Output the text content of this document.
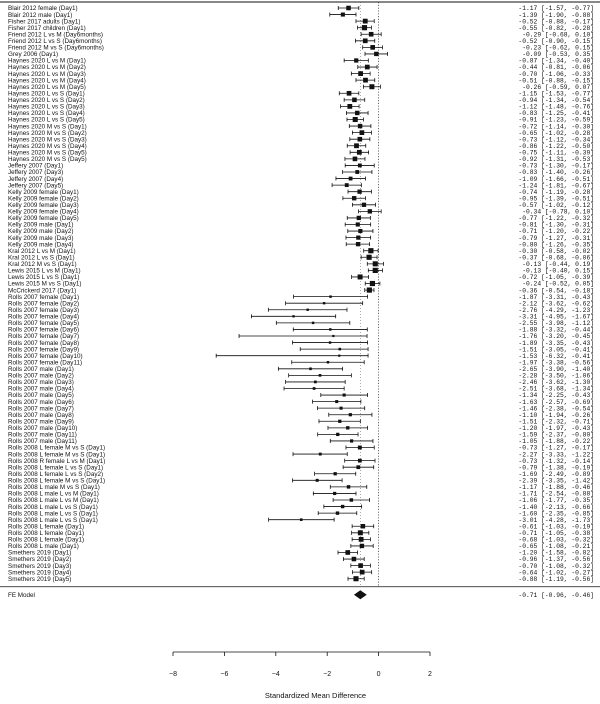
Blair 2012 female (Day1)	-1.17 [-1.57, -0.77]
Blair 2012 male (Day1)	-1.39 [-1.90, -0.88]
Fisher 2017 adults (Day1)	-0.52 [-0.88, -0.17]
Fisher 2017 children (Day1)	-0.55 [-0.82, -0.28]
Friend 2012 L vs M (Day6months)	-0.29 [-0.68, 0.10]
Friend 2012 L vs S (Day6months)	-0.52 [-0.90, -0.15]
Friend 2012 M vs S (Day6months)	-0.23 [-0.62, 0.15]
Grey 2006 (Day1)	-0.09 [-0.53, 0.35]
Haynes 2020 L vs M (Day1)	-0.87 [-1.34, -0.40]
Haynes 2020 L vs M (Day2)	-0.44 [-0.81, -0.06]
Haynes 2020 L vs M (Day3)	-0.70 [-1.06, -0.33]
Haynes 2020 L vs M (Day4)	-0.51 [-0.88, -0.15]
Haynes 2020 L vs M (Day5)	-0.26 [-0.59, 0.07]
Haynes 2020 L vs S (Day1)	-1.15 [-1.53, -0.77]
Haynes 2020 L vs S (Day2)	-0.94 [-1.34, -0.54]
Haynes 2020 L vs S (Day3)	-1.12 [-1.48, -0.76]
Haynes 2020 L vs S (Day4)	-0.83 [-1.25, -0.41]
Haynes 2020 L vs S (Day5)	-0.91 [-1.23, -0.59]
Haynes 2020 M vs S (Day1)	-0.72 [-1.14, -0.30]
Haynes 2020 M vs S (Day2)	-0.65 [-1.02, -0.28]
Haynes 2020 M vs S (Day3)	-0.73 [-1.12, -0.34]
Haynes 2020 M vs S (Day4)	-0.86 [-1.22, -0.50]
Haynes 2020 M vs S (Day5)	-0.75 [-1.11, -0.39]
Haynes 2020 M vs S (Day5)	-0.92 [-1.31, -0.53]
Jeffery 2007 (Day1)	-0.73 [-1.30, -0.17]
Jeffery 2007 (Day3)	-0.83 [-1.40, -0.26]
Jeffery 2007 (Day4)	-1.09 [-1.66, -0.51]
Jeffery 2007 (Day5)	-1.24 [-1.81, -0.67]
Kelly 2009 female (Day1)	-0.74 [-1.19, -0.28]
Kelly 2009 female (Day2)	-0.95 [-1.39, -0.51]
Kelly 2009 female (Day3)	-0.57 [-1.02, -0.12]
Kelly 2009 female (Day4)	-0.34 [-0.78, 0.10]
Kelly 2009 female (Day5)	-0.77 [-1.22, -0.32]
Kelly 2009 male (Day1)	-0.81 [-1.30, -0.31]
Kelly 2009 male (Day2)	-0.71 [-1.20, -0.22]
Kelly 2009 male (Day3)	-0.79 [-1.27, -0.31]
Kelly 2009 male (Day4)	-0.80 [-1.26, -0.35]
Kral 2012 L vs M (Day1)	-0.30 [-0.58, -0.02]
Kral 2012 L vs S (Day1)	-0.37 [-0.68, -0.06]
Kral 2012 M vs S (Day1)	-0.13 [-0.44, 0.19]
Lewis 2015 L vs M (Day1)	-0.13 [-0.40, 0.15]
Lewis 2015 L vs S (Day1)	-0.72 [-1.05, -0.39]
Lewis 2015 M vs S (Day1)	-0.24 [-0.52, 0.05]
McCrickerd 2017 (Day1)	-0.36 [-0.54, -0.18]
Rolls 2007 female (Day1)	-1.87 [-3.31, -0.43]
Rolls 2007 female (Day2)	-2.12 [-3.62, -0.62]
Rolls 2007 female (Day3)	-2.76 [-4.29, -1.23]
Rolls 2007 female (Day4)	-3.31 [-4.95, -1.67]
Rolls 2007 female (Day5)	-2.55 [-3.98, -1.12]
Rolls 2007 female (Day6)	-1.88 [-3.32, -0.44]
Rolls 2007 female (Day7)	-1.76 [-3.20, -0.45]
Rolls 2007 female (Day8)	-1.89 [-3.35, -0.43]
Rolls 2007 female (Day9)	-1.51 [-3.05, -0.41]
Rolls 2007 female (Day10)	-1.53 [-6.32, -0.41]
Rolls 2007 female (Day11)	-1.97 [-3.38, -0.56]
Rolls 2007 male (Day1)	-2.65 [-3.90, -1.40]
Rolls 2007 male (Day2)	-2.28 [-3.50, -1.06]
Rolls 2007 male (Day3)	-2.46 [-3.62, -1.30]
Rolls 2007 male (Day4)	-2.51 [-3.68, -1.34]
Rolls 2007 male (Day5)	-1.34 [-2.25, -0.43]
Rolls 2007 male (Day6)	-1.63 [-2.57, -0.69]
Rolls 2007 male (Day7)	-1.46 [-2.38, -0.54]
Rolls 2007 male (Day8)	-1.10 [-1.94, -0.26]
Rolls 2007 male (Day9)	-1.51 [-2.32, -0.71]
Rolls 2007 male (Day10)	-1.20 [-1.97, -0.43]
Rolls 2007 male (Day11)	-1.59 [-2.37, -0.80]
Rolls 2007 male (Day11)	-1.05 [-1.88, -0.22]
Rolls 2008 L female M vs S (Day1)	-0.73 [-1.27, -0.17]
Rolls 2008 L female M vs S (Day1)	-2.27 [-3.33, -1.22]
Rolls 2008 R female L vs M (Day1)	-0.73 [-1.32, -0.14]
Rolls 2008 L female L vs S (Day1)	-0.79 [-1.38, -0.19]
Rolls 2008 L female L vs S (Day2)	-1.69 [-2.49, -0.89]
Rolls 2008 L female M vs S (Day1)	-2.39 [-3.35, -1.42]
Rolls 2008 L male M vs S (Day1)	-1.17 [-1.88, -0.46]
Rolls 2008 L male L vs M (Day1)	-1.71 [-2.54, -0.88]
Rolls 2008 L male L vs M (Day1)	-1.06 [-1.77, -0.35]
Rolls 2008 L male L vs S (Day1)	-1.40 [-2.13, -0.66]
Rolls 2008 L male L vs S (Day1)	-1.60 [-2.35, -0.85]
Rolls 2008 L male L vs S (Day1)	-3.01 [-4.28, -1.73]
Rolls 2008 L female (Day1)	-0.61 [-1.03, -0.19]
Rolls 2008 L female (Day1)	-0.71 [-1.05, -0.38]
Rolls 2008 L female (Day1)	-0.68 [-1.03, -0.32]
Rolls 2008 L male (Day1)	-0.65 [-1.08, -0.21]
Smethers 2019 (Day1)	-1.20 [-1.58, -0.82]
Smethers 2019 (Day2)	-0.96 [-1.37, -0.56]
Smethers 2019 (Day3)	-0.70 [-1.08, -0.32]
Smethers 2019 (Day4)	-0.64 [-1.02, -0.27]
Smethers 2019 (Day5)	-0.88 [-1.19, -0.56]
FE Model	-0.71 [-0.96, -0.46]
−8	−6	−4	−2	0	2
Standardized Mean Difference
